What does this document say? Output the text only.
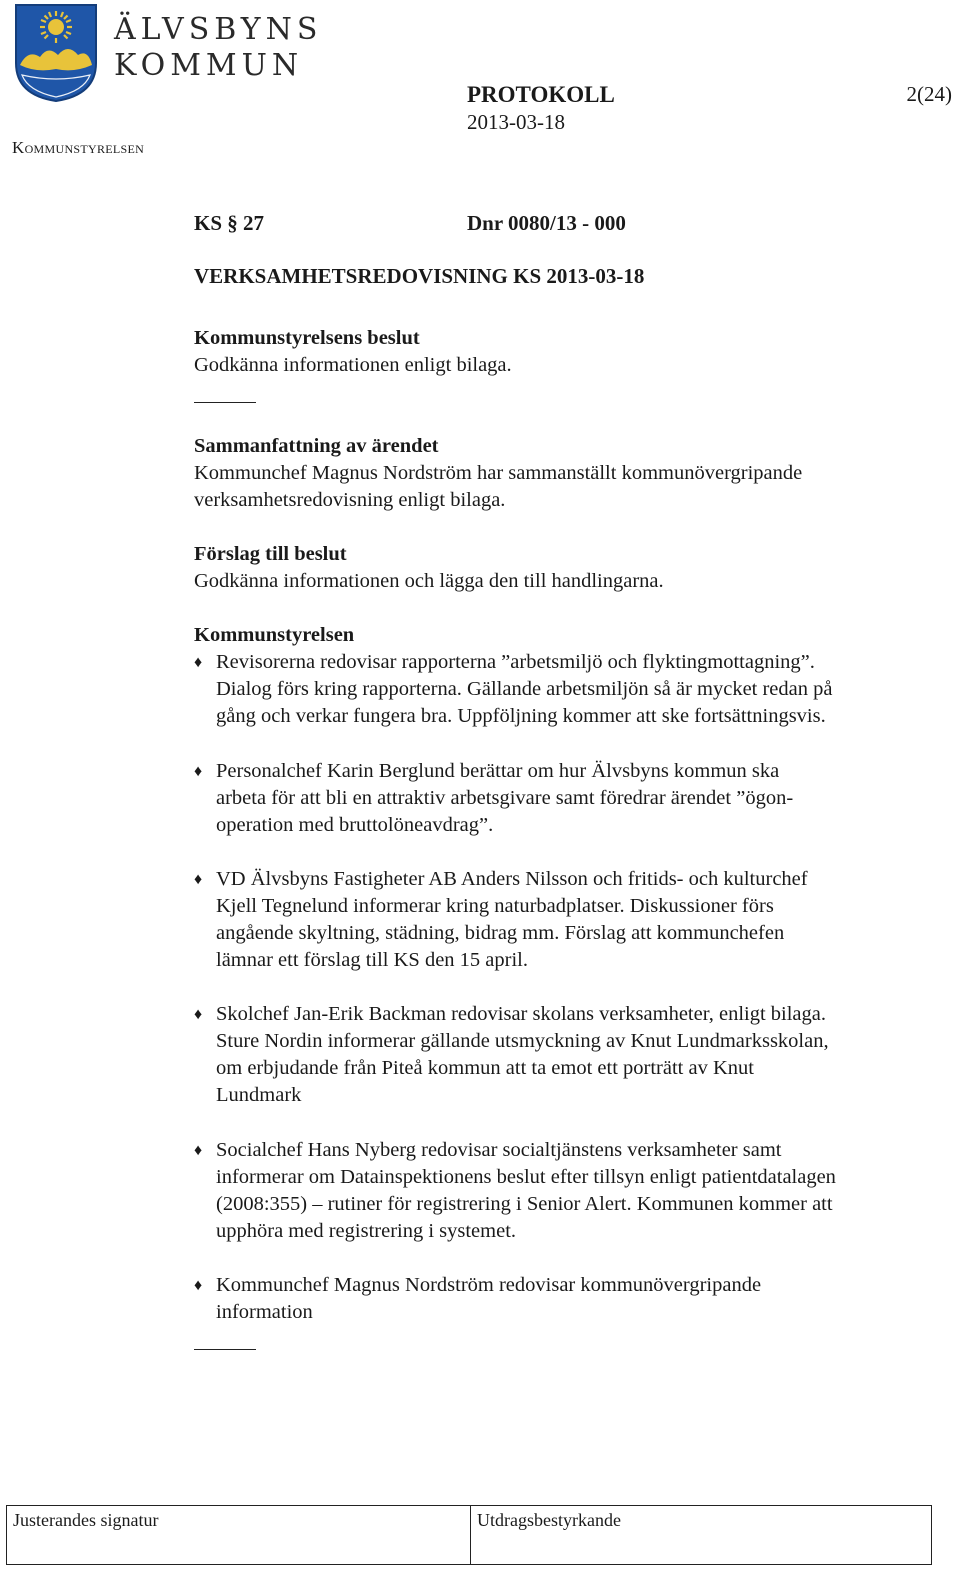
ÄLVSBYNS
KOMMUN
Kommunstyrelsen
PROTOKOLL
2013-03-18
2(24)
KS § 27	Dnr 0080/13 - 000
VERKSAMHETSREDOVISNING KS 2013-03-18
Kommunstyrelsens beslut
Godkänna informationen enligt bilaga.
Sammanfattning av ärendet
Kommunchef Magnus Nordström har sammanställt kommunövergripande
verksamhetsredovisning enligt bilaga.
Förslag till beslut
Godkänna informationen och lägga den till handlingarna.
Kommunstyrelsen
♦ Revisorerna redovisar rapporterna ”arbetsmiljö och flyktingmottagning”.
Dialog förs kring rapporterna. Gällande arbetsmiljön så är mycket redan på
gång och verkar fungera bra. Uppföljning kommer att ske fortsättningsvis.
♦ Personalchef Karin Berglund berättar om hur Älvsbyns kommun ska
arbeta för att bli en attraktiv arbetsgivare samt föredrar ärendet ”ögon-
operation med bruttolöneavdrag”.
♦ VD Älvsbyns Fastigheter AB Anders Nilsson och fritids- och kulturchef
Kjell Tegnelund informerar kring naturbadplatser. Diskussioner förs
angående skyltning, städning, bidrag mm. Förslag att kommunchefen
lämnar ett förslag till KS den 15 april.
♦ Skolchef Jan-Erik Backman redovisar skolans verksamheter, enligt bilaga.
Sture Nordin informerar gällande utsmyckning av Knut Lundmarksskolan,
om erbjudande från Piteå kommun att ta emot ett porträtt av Knut
Lundmark
♦ Socialchef Hans Nyberg redovisar socialtjänstens verksamheter samt
informerar om Datainspektionens beslut efter tillsyn enligt patientdatalagen
(2008:355) – rutiner för registrering i Senior Alert. Kommunen kommer att
upphöra med registrering i systemet.
♦ Kommunchef Magnus Nordström redovisar kommunövergripande
information
Justerandes signatur	Utdragsbestyrkande
